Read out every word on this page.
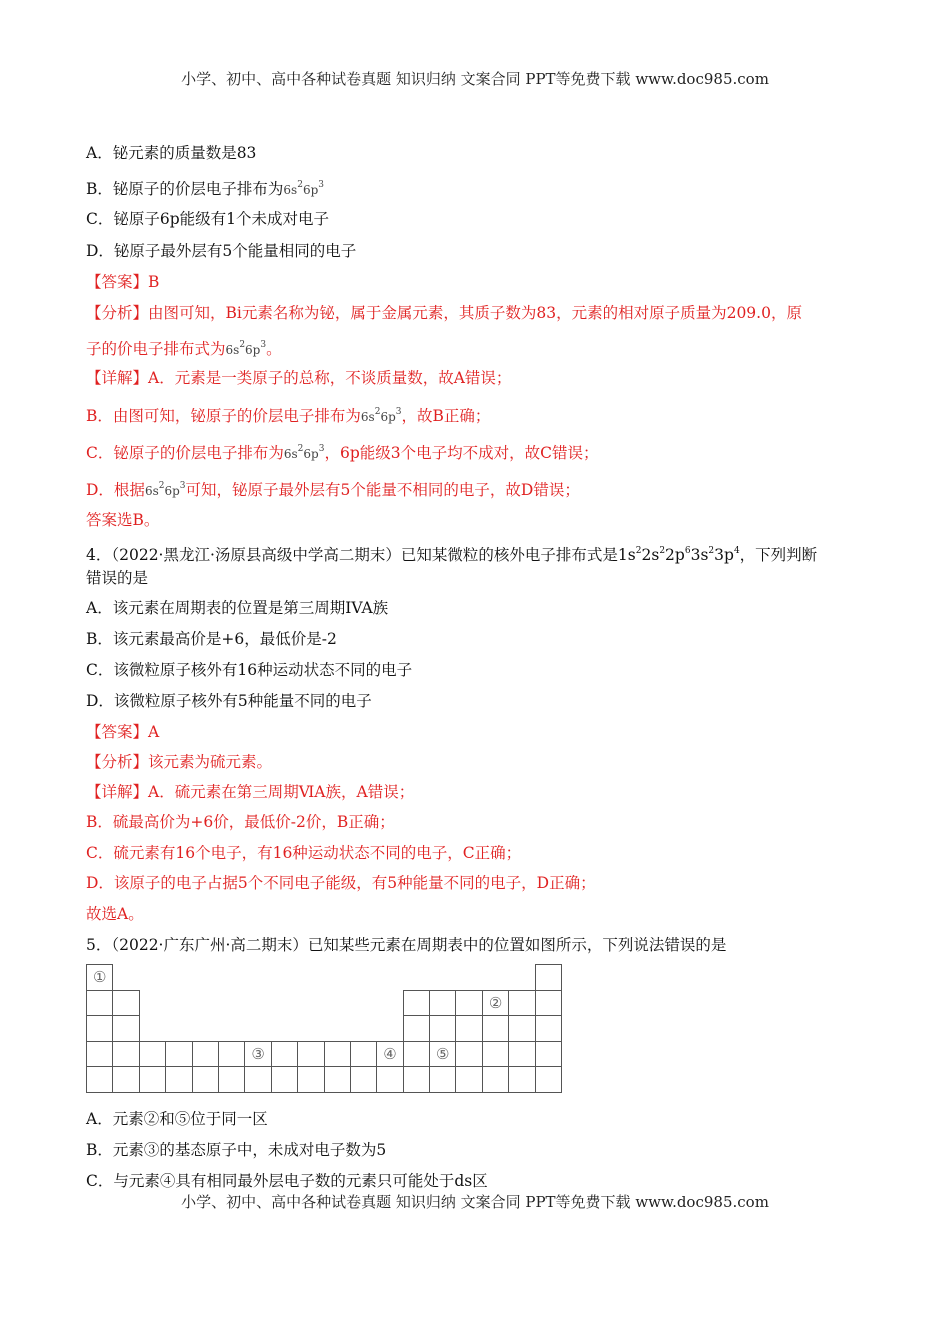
小学、初中、高中各种试卷真题 知识归纳 文案合同 PPT等免费下载 www.doc985.com
A．铋元素的质量数是83
B．铋原子的价层电子排布为$6s^26p^3$
C．铋原子6p能级有1个未成对电子
D．铋原子最外层有5个能量相同的电子
【答案】B
【分析】由图可知，Bi元素名称为铋，属于金属元素，其质子数为83，元素的相对原子质量为209.0，原
子的价电子排布式为$6s^26p^3$。
【详解】A．元素是一类原子的总称，不谈质量数，故A错误；
B．由图可知，铋原子的价层电子排布为$6s^26p^3$，故B正确；
C．铋原子的价层电子排布为$6s^26p^3$，6p能级3个电子均不成对，故C错误；
D．根据$6s^26p^3$可知，铋原子最外层有5个能量不相同的电子，故D错误；
答案选B。
4．（2022·黑龙江·汤原县高级中学高二期末）已知某微粒的核外电子排布式是$1s^22s^22p^63s^23p^4$，下列判断
错误的是
A．该元素在周期表的位置是第三周期IVA族
B．该元素最高价是+6，最低价是-2
C．该微粒原子核外有16种运动状态不同的电子
D．该微粒原子核外有5种能量不同的电子
【答案】A
【分析】该元素为硫元素。
【详解】A．硫元素在第三周期ⅥA族，A错误；
B．硫最高价为+6价，最低价-2价，B正确；
C．硫元素有16个电子，有16种运动状态不同的电子，C正确；
D．该原子的电子占据5个不同电子能级，有5种能量不同的电子，D正确；
故选A。
5．（2022·广东广州·高二期末）已知某些元素在周期表中的位置如图所示，下列说法错误的是
①																	
															②		

						③					④		⑤				

A．元素②和⑤位于同一区
B．元素③的基态原子中，未成对电子数为5
C．与元素④具有相同最外层电子数的元素只可能处于ds区
小学、初中、高中各种试卷真题 知识归纳 文案合同 PPT等免费下载 www.doc985.com
